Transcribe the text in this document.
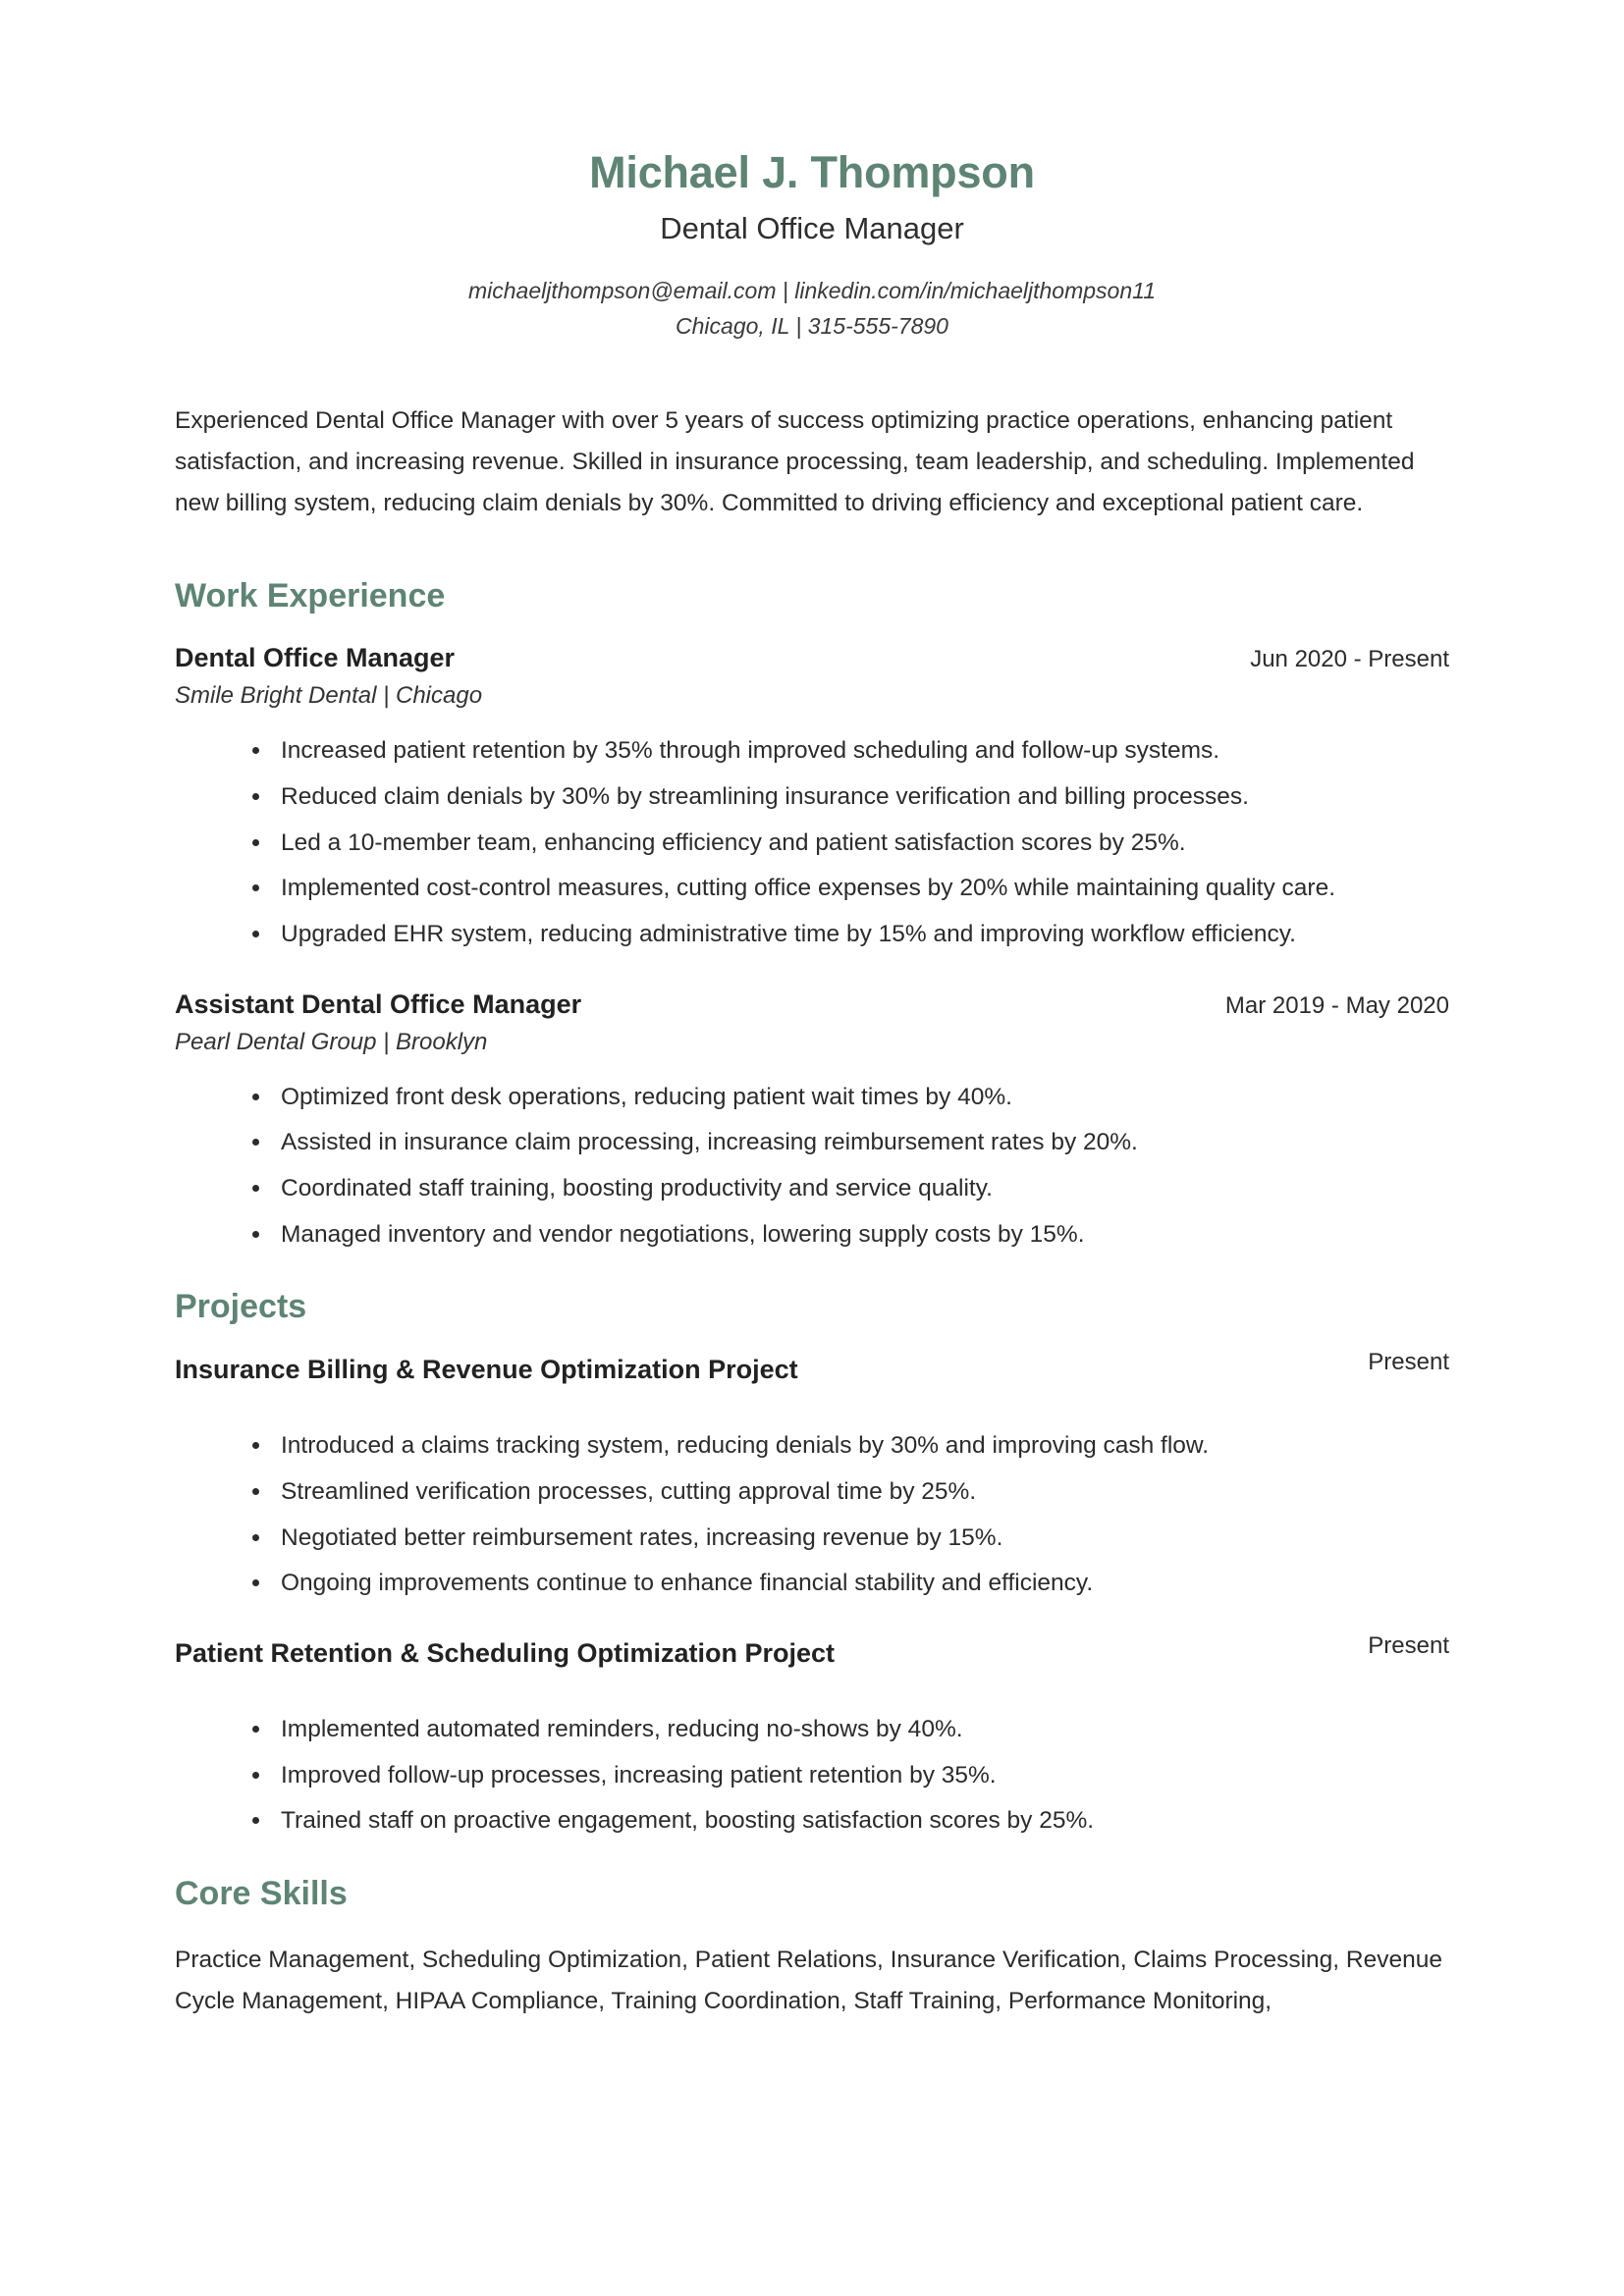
Michael J. Thompson
Dental Office Manager
michaeljthompson@email.com | linkedin.com/in/michaeljthompson11
Chicago, IL | 315-555-7890

Experienced Dental Office Manager with over 5 years of success optimizing practice operations, enhancing patient satisfaction, and increasing revenue. Skilled in insurance processing, team leadership, and scheduling. Implemented new billing system, reducing claim denials by 30%. Committed to driving efficiency and exceptional patient care.

Work Experience
Dental Office Manager
Smile Bright Dental | Chicago
Jun 2020 - Present
• Increased patient retention by 35% through improved scheduling and follow-up systems.
• Reduced claim denials by 30% by streamlining insurance verification and billing processes.
• Led a 10-member team, enhancing efficiency and patient satisfaction scores by 25%.
• Implemented cost-control measures, cutting office expenses by 20% while maintaining quality care.
• Upgraded EHR system, reducing administrative time by 15% and improving workflow efficiency.
Assistant Dental Office Manager
Pearl Dental Group | Brooklyn
Mar 2019 - May 2020
• Optimized front desk operations, reducing patient wait times by 40%.
• Assisted in insurance claim processing, increasing reimbursement rates by 20%.
• Coordinated staff training, boosting productivity and service quality.
• Managed inventory and vendor negotiations, lowering supply costs by 15%.
Projects
Insurance Billing & Revenue Optimization Project	Present
• Introduced a claims tracking system, reducing denials by 30% and improving cash flow.
• Streamlined verification processes, cutting approval time by 25%.
• Negotiated better reimbursement rates, increasing revenue by 15%.
• Ongoing improvements continue to enhance financial stability and efficiency.
Patient Retention & Scheduling Optimization Project	Present
• Implemented automated reminders, reducing no-shows by 40%.
• Improved follow-up processes, increasing patient retention by 35%.
• Trained staff on proactive engagement, boosting satisfaction scores by 25%.
Core Skills

Practice Management, Scheduling Optimization, Patient Relations, Insurance Verification, Claims Processing, Revenue Cycle Management, HIPAA Compliance, Training Coordination, Staff Training, Performance Monitoring,
